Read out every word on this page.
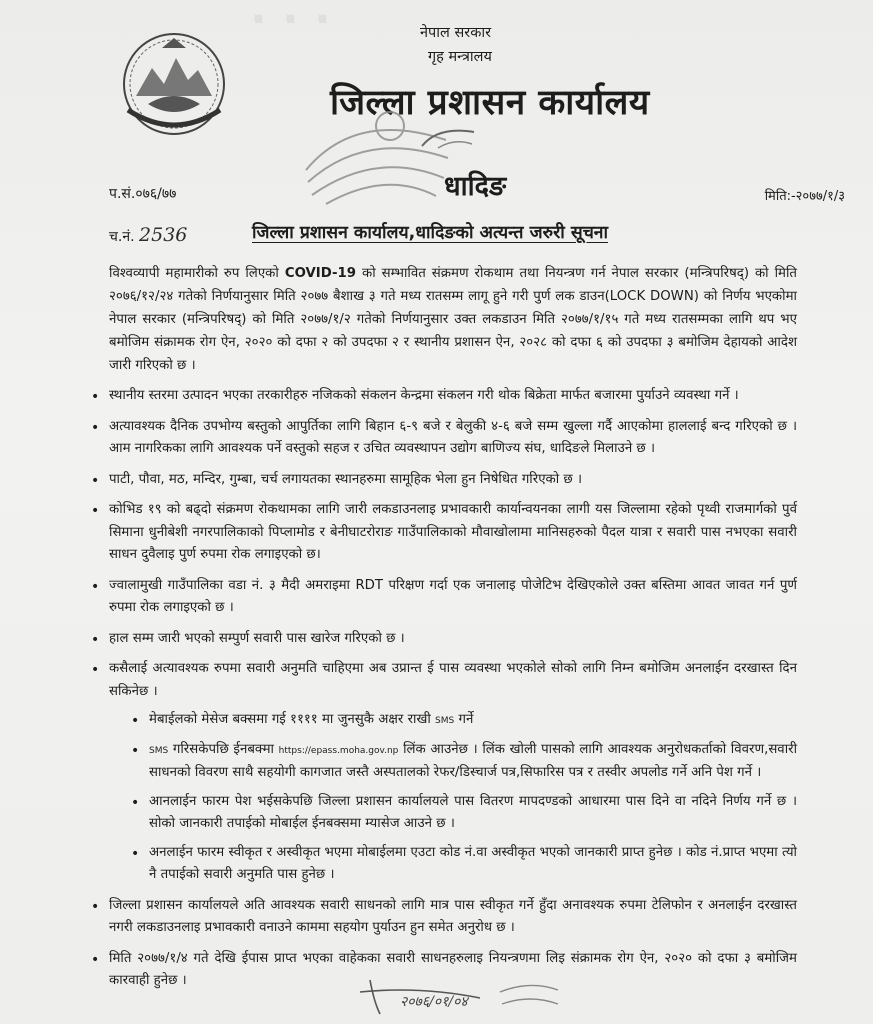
· · ·	नेपाल सरकार
गृह मन्त्रालय
जिल्ला प्रशासन कार्यालय
धादिङ
प.सं.०७६/७७	मिति:-२०७७/१/३
च.नं. 2536	जिल्ला प्रशासन कार्यालय,धादिङको अत्यन्त जरुरी सूचना
विश्वव्यापी महामारीको रुप लिएको COVID-19 को सम्भावित संक्रमण रोकथाम तथा नियन्त्रण गर्न नेपाल सरकार (मन्त्रिपरिषद्) को मिति २०७६/१२/२४ गतेको निर्णयानुसार मिति २०७७ बैशाख ३ गते मध्य रातसम्म लागू हुने गरी पुर्ण लक डाउन(LOCK DOWN) को निर्णय भएकोमा नेपाल सरकार (मन्त्रिपरिषद्) को मिति २०७७/१/२ गतेको निर्णयानुसार उक्त लकडाउन मिति २०७७/१/१५ गते मध्य रातसम्मका लागि थप भए बमोजिम संक्रामक रोग ऐन, २०२० को दफा २ को उपदफा २ र स्थानीय प्रशासन ऐन, २०२८ को दफा ६ को उपदफा ३ बमोजिम देहायको आदेश जारी गरिएको छ ।
• स्थानीय स्तरमा उत्पादन भएका तरकारीहरु नजिकको संकलन केन्द्रमा संकलन गरी थोक बिक्रेता मार्फत बजारमा पुर्याउने व्यवस्था गर्ने ।
• अत्यावश्यक दैनिक उपभोग्य बस्तुको आपुर्तिका लागि बिहान ६-९ बजे र बेलुकी ४-६ बजे सम्म खुल्ला गर्दै आएकोमा हाललाई बन्द गरिएको छ । आम नागरिकका लागि आवश्यक पर्ने वस्तुको सहज र उचित व्यवस्थापन उद्योग बाणिज्य संघ, धादिङले मिलाउने छ ।
• पाटी, पौवा, मठ, मन्दिर, गुम्बा, चर्च लगायतका स्थानहरुमा सामूहिक भेला हुन निषेधित गरिएको छ ।
• कोभिड १९ को बढ्दो संक्रमण रोकथामका लागि जारी लकडाउनलाइ प्रभावकारी कार्यान्वयनका लागी यस जिल्लामा रहेको पृथ्वी राजमार्गको पुर्व सिमाना धुनीबेशी नगरपालिकाको पिप्लामोड र बेनीघाटरोराङ गाउँपालिकाको मौवाखोलामा मानिसहरुको पैदल यात्रा र सवारी पास नभएका सवारी साधन दुवैलाइ पुर्ण रुपमा रोक लगाइएको छ।
• ज्वालामुखी गाउँपालिका वडा नं. ३ मैदी अमराइमा RDT परिक्षण गर्दा एक जनालाइ पोजेटिभ देखिएकोले उक्त बस्तिमा आवत जावत गर्न पुर्ण रुपमा रोक लगाइएको छ ।
• हाल सम्म जारी भएको सम्पुर्ण सवारी पास खारेज गरिएको छ ।
• कसैलाई अत्यावश्यक रुपमा सवारी अनुमति चाहिएमा अब उप्रान्त ई पास व्यवस्था भएकोले सोको लागि निम्न बमोजिम अनलाईन दरखास्त दिन सकिनेछ ।
• मेबाईलको मेसेज बक्समा गई ११११ मा जुनसुकै अक्षर राखी SMS गर्ने
• SMS गरिसकेपछि ईनबक्मा https://epass.moha.gov.np लिंक आउनेछ । लिंक खोली पासको लागि आवश्यक अनुरोधकर्ताको विवरण,सवारी साधनको विवरण साथै सहयोगी कागजात जस्तै अस्पतालको रेफर/डिस्चार्ज पत्र,सिफारिस पत्र र तस्वीर अपलोड गर्ने अनि पेश गर्ने ।
• आनलाईन फारम पेश भईसकेपछि जिल्ला प्रशासन कार्यालयले पास वितरण मापदण्डको आधारमा पास दिने वा नदिने निर्णय गर्ने छ । सोको जानकारी तपाईको मोबाईल ईनबक्समा म्यासेज आउने छ ।
• अनलाईन फारम स्वीकृत र अस्वीकृत भएमा मोबाईलमा एउटा कोड नं.वा अस्वीकृत भएको जानकारी प्राप्त हुनेछ । कोड नं.प्राप्त भएमा त्यो नै तपाईको सवारी अनुमति पास हुनेछ ।
• जिल्ला प्रशासन कार्यालयले अति आवश्यक सवारी साधनको लागि मात्र पास स्वीकृत गर्ने हुँदा अनावश्यक रुपमा टेलिफोन र अनलाईन दरखास्त नगरी लकडाउनलाइ प्रभावकारी वनाउने काममा सहयोग पुर्याउन हुन समेत अनुरोध छ ।
• मिति २०७७/१/४ गते देखि ईपास प्राप्त भएका वाहेकका सवारी साधनहरुलाइ नियन्त्रणमा लिइ संक्रामक रोग ऐन, २०२० को दफा ३ बमोजिम कारवाही हुनेछ ।
२०७६/०१/०४
